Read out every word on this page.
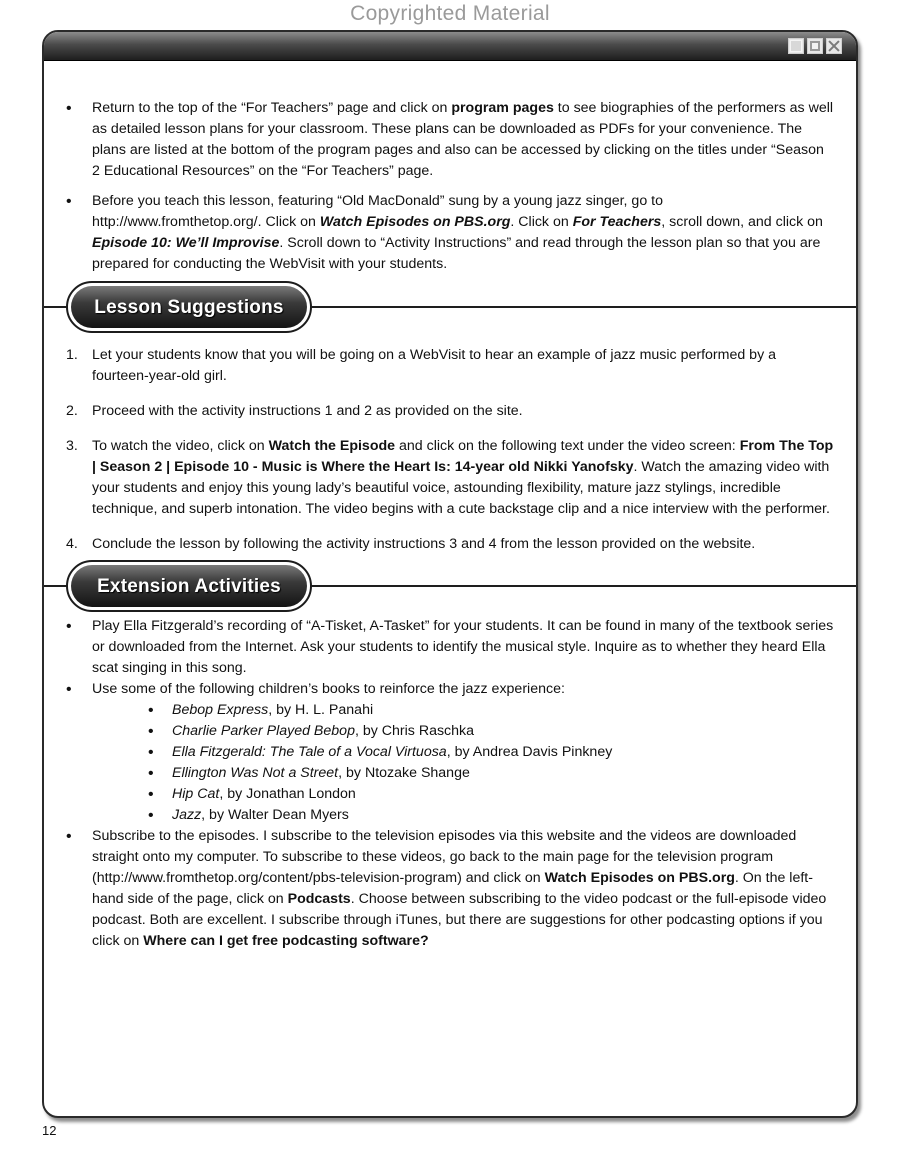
Copyrighted Material
• Return to the top of the “For Teachers” page and click on program pages to see biographies of the performers as well as detailed lesson plans for your classroom. These plans can be downloaded as PDFs for your convenience. The plans are listed at the bottom of the program pages and also can be accessed by clicking on the titles under “Season 2 Educational Resources” on the “For Teachers” page.
• Before you teach this lesson, featuring “Old MacDonald” sung by a young jazz singer, go to http://www.fromthetop.org/. Click on Watch Episodes on PBS.org. Click on For Teachers, scroll down, and click on Episode 10: We’ll Improvise. Scroll down to “Activity Instructions” and read through the lesson plan so that you are prepared for conducting the WebVisit with your students.
Lesson Suggestions
1. Let your students know that you will be going on a WebVisit to hear an example of jazz music performed by a fourteen-year-old girl.
2. Proceed with the activity instructions 1 and 2 as provided on the site.
3. To watch the video, click on Watch the Episode and click on the following text under the video screen: From The Top | Season 2 | Episode 10 - Music is Where the Heart Is: 14-year old Nikki Yanofsky. Watch the amazing video with your students and enjoy this young lady’s beautiful voice, astounding flexibility, mature jazz stylings, incredible technique, and superb intonation. The video begins with a cute backstage clip and a nice interview with the performer.
4. Conclude the lesson by following the activity instructions 3 and 4 from the lesson provided on the website.
Extension Activities
• Play Ella Fitzgerald’s recording of “A-Tisket, A-Tasket” for your students. It can be found in many of the textbook series or downloaded from the Internet. Ask your students to identify the musical style. Inquire as to whether they heard Ella scat singing in this song.
• Use some of the following children’s books to reinforce the jazz experience:
• Bebop Express, by H. L. Panahi
• Charlie Parker Played Bebop, by Chris Raschka
• Ella Fitzgerald: The Tale of a Vocal Virtuosa, by Andrea Davis Pinkney
• Ellington Was Not a Street, by Ntozake Shange
• Hip Cat, by Jonathan London
• Jazz, by Walter Dean Myers
• Subscribe to the episodes. I subscribe to the television episodes via this website and the videos are downloaded straight onto my computer. To subscribe to these videos, go back to the main page for the television program (http://www.fromthetop.org/content/pbs-television-program) and click on Watch Episodes on PBS.org. On the left-hand side of the page, click on Podcasts. Choose between subscribing to the video podcast or the full-episode video podcast. Both are excellent. I subscribe through iTunes, but there are suggestions for other podcasting options if you click on Where can I get free podcasting software?
12
